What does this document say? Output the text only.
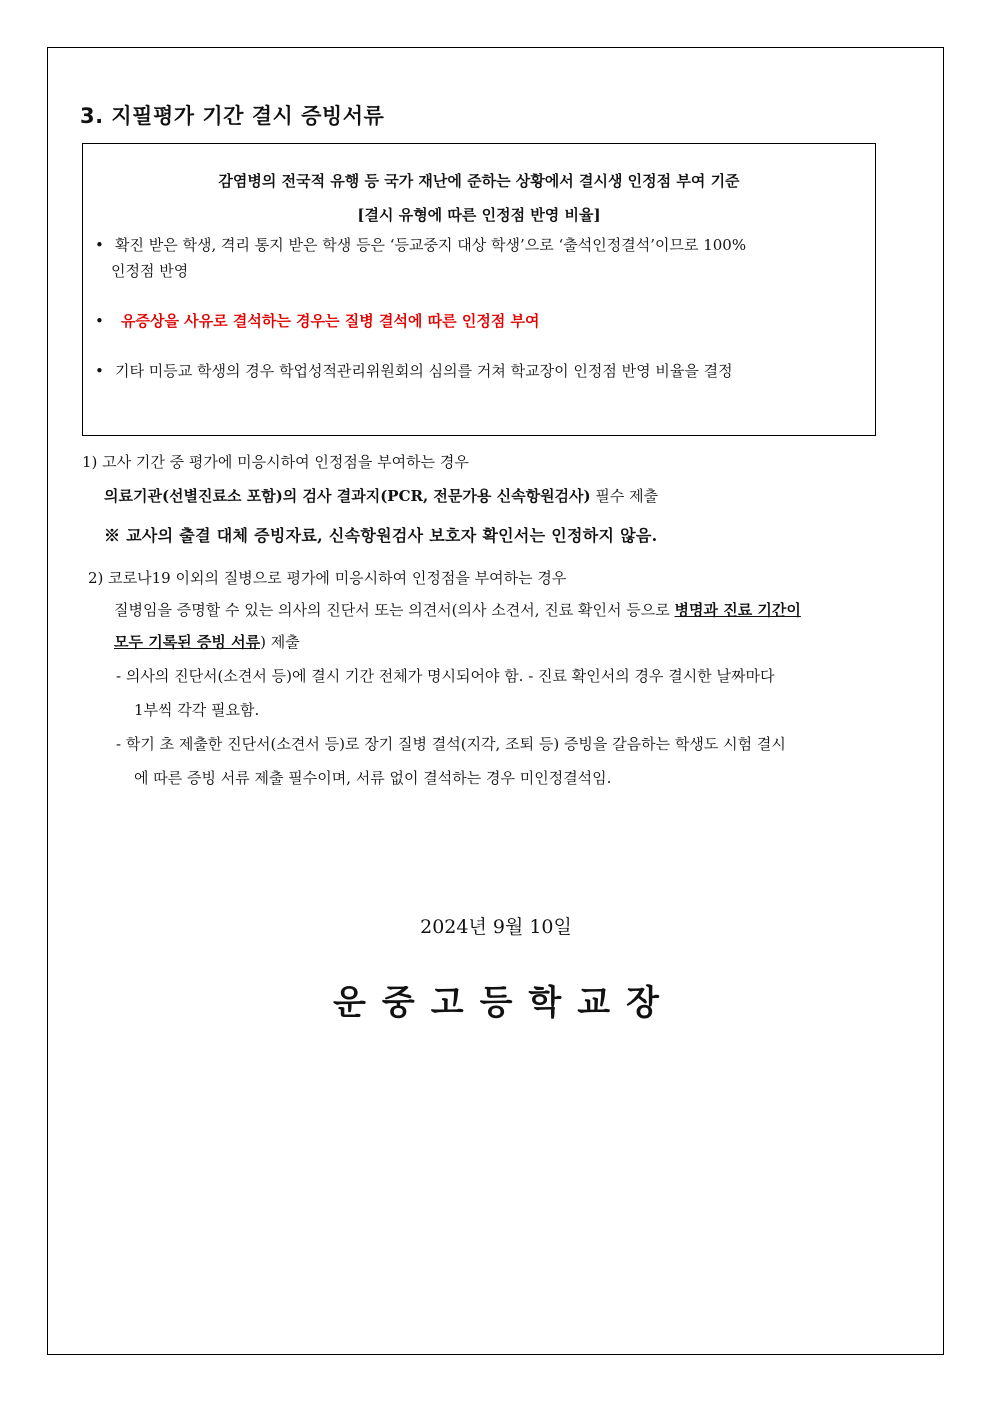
3. 지필평가 기간 결시 증빙서류
감염병의 전국적 유행 등 국가 재난에 준하는 상황에서 결시생 인정점 부여 기준
[결시 유형에 따른 인정점 반영 비율]
• 확진 받은 학생, 격리 통지 받은 학생 등은 ‘등교중지 대상 학생’으로 ‘출석인정결석’이므로 100%
인정점 반영
• 유증상을 사유로 결석하는 경우는 질병 결석에 따른 인정점 부여
• 기타 미등교 학생의 경우 학업성적관리위원회의 심의를 거쳐 학교장이 인정점 반영 비율을 결정
1) 고사 기간 중 평가에 미응시하여 인정점을 부여하는 경우
의료기관(선별진료소 포함)의 검사 결과지(PCR, 전문가용 신속항원검사) 필수 제출
※ 교사의 출결 대체 증빙자료, 신속항원검사 보호자 확인서는 인정하지 않음.
2) 코로나19 이외의 질병으로 평가에 미응시하여 인정점을 부여하는 경우
질병임을 증명할 수 있는 의사의 진단서 또는 의견서(의사 소견서, 진료 확인서 등으로 병명과 진료 기간이
모두 기록된 증빙 서류) 제출
- 의사의 진단서(소견서 등)에 결시 기간 전체가 명시되어야 함. - 진료 확인서의 경우 결시한 날짜마다
1부씩 각각 필요함.
- 학기 초 제출한 진단서(소견서 등)로 장기 질병 결석(지각, 조퇴 등) 증빙을 갈음하는 학생도 시험 결시
에 따른 증빙 서류 제출 필수이며, 서류 없이 결석하는 경우 미인정결석임.
2024년 9월 10일
운 중 고 등 학 교 장
